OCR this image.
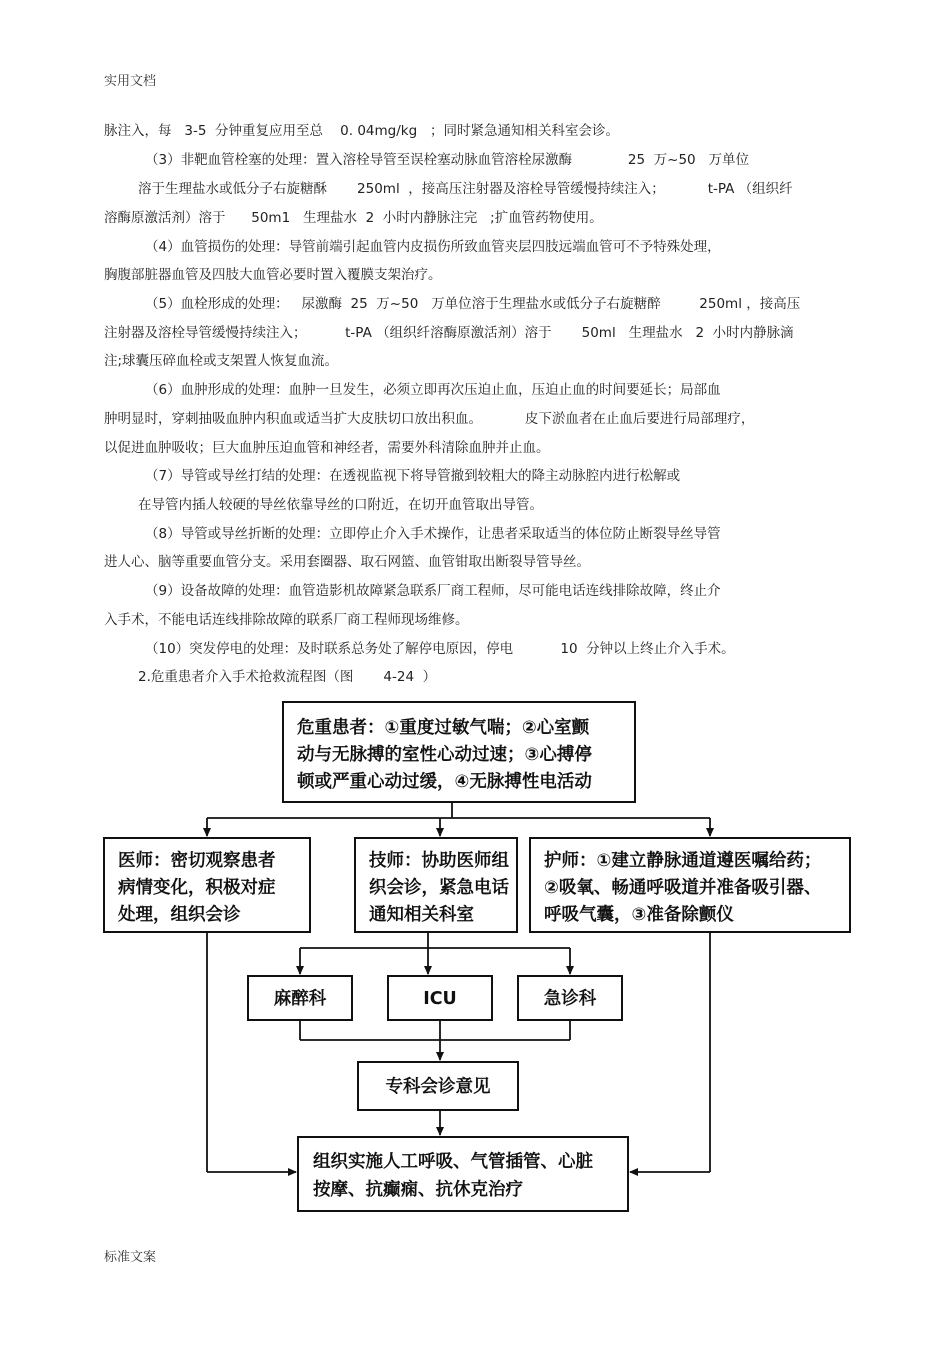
实用文档
脉注入，每   3-5  分钟重复应用至总    0. 04mg/kg   ；同时紧急通知相关科室会诊。
（3）非靶血管栓塞的处理：置入溶栓导管至误栓塞动脉血管溶栓尿激酶             25  万~50   万单位
溶于生理盐水或低分子右旋糖酥       250ml  ，接高压注射器及溶栓导管缓慢持续注入；          t-PA （组织纤
溶酶原激活剂）溶于      50m1   生理盐水  2  小时内静脉注完   ;扩血管药物使用。
（4）血管损伤的处理：导管前端引起血管内皮损伤所致血管夹层四肢远端血管可不予特殊处理，
胸腹部脏器血管及四肢大血管必要时置入覆膜支架治疗。
（5）血栓形成的处理：   尿激酶  25  万~50   万单位溶于生理盐水或低分子右旋糖醉         250ml ，接高压
注射器及溶栓导管缓慢持续注入；         t-PA （组织纤溶酶原激活剂）溶于       50ml   生理盐水   2  小时内静脉滴
注;球囊压碎血栓或支架置人恢复血流。
（6）血肿形成的处理：血肿一旦发生，必须立即再次压迫止血，压迫止血的时间要延长；局部血
肿明显时，穿刺抽吸血肿内积血或适当扩大皮肤切口放出积血。          皮下淤血者在止血后要进行局部理疗，
以促进血肿吸收；巨大血肿压迫血管和神经者，需要外科清除血肿并止血。
（7）导管或导丝打结的处理：在透视监视下将导管撤到较粗大的降主动脉腔内进行松解或
在导管内插人较硬的导丝依靠导丝的口附近，在切开血管取出导管。
（8）导管或导丝折断的处理：立即停止介入手术操作，让患者采取适当的体位防止断裂导丝导管
进人心、脑等重要血管分支。采用套圈器、取石网篮、血管钳取出断裂导管导丝。
（9）设备故障的处理：血管造影机故障紧急联系厂商工程师，尽可能电话连线排除故障，终止介
入手术，不能电话连线排除故障的联系厂商工程师现场维修。
（10）突发停电的处理：及时联系总务处了解停电原因，停电           10  分钟以上终止介入手术。
2.危重患者介入手术抢救流程图（图       4-24  ）
危重患者：①重度过敏气喘；②心室颤
动与无脉搏的室性心动过速；③心搏停
顿或严重心动过缓，④无脉搏性电活动
医师：密切观察患者
病情变化，积极对症
处理，组织会诊
技师：协助医师组
织会诊，紧急电话
通知相关科室
护师：①建立静脉通道遵医嘱给药；
②吸氧、畅通呼吸道并准备吸引器、
呼吸气囊，③准备除颤仪
麻醉科	ICU	急诊科
专科会诊意见
组织实施人工呼吸、气管插管、心脏
按摩、抗癫痫、抗休克治疗
标准文案
